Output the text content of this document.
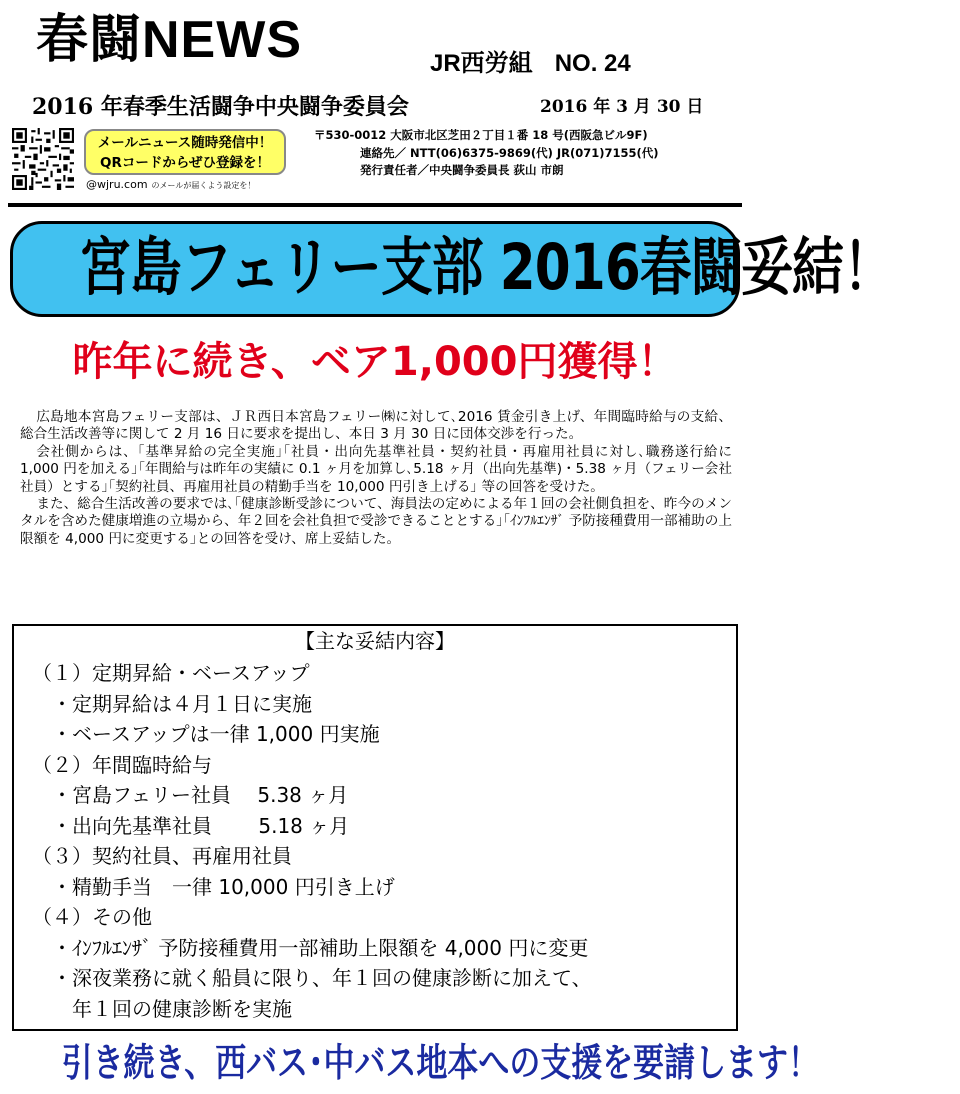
春闘NEWS	JR西労組 NO. 24
2016 年春季生活闘争中央闘争委員会	2016 年 3 月 30 日
メールニュース随時発信中！
QRコードからぜひ登録を！
@wjru.com のメールが届くよう設定を！
〒530-0012 大阪市北区芝田２丁目１番 18 号(西阪急ビル9F)
連絡先／ NTT(06)6375-9869(代) JR(071)7155(代)
発行責任者／中央闘争委員長 荻山 市朗
宮島フェリー支部 2016春闘妥結！
昨年に続き、ベア1,000円獲得！

広島地本宮島フェリー支部は、ＪＲ西日本宮島フェリー㈱に対して､2016 賃金引き上げ、年間臨時給与の支給、総合生活改善等に関して 2 月 16 日に要求を提出し、本日 3 月 30 日に団体交渉を行った。

会社側からは、｢基準昇給の完全実施｣｢社員・出向先基準社員・契約社員・再雇用社員に対し､職務遂行給に 1,000 円を加える｣｢年間給与は昨年の実績に 0.1 ヶ月を加算し､5.18 ヶ月（出向先基準)・5.38 ヶ月（フェリー会社社員）とする｣｢契約社員、再雇用社員の精勤手当を 10,000 円引き上げる｣ 等の回答を受けた。

また、総合生活改善の要求では､｢健康診断受診について、海員法の定めによる年１回の会社側負担を、昨今のメンタルを含めた健康増進の立場から、年２回を会社負担で受診できることとする｣｢ｲﾝﾌﾙｴﾝｻﾞ 予防接種費用一部補助の上限額を 4,000 円に変更する｣との回答を受け、席上妥結した。

【主な妥結内容】
（１）定期昇給・ベースアップ
・定期昇給は４月１日に実施
・ベースアップは一律 1,000 円実施
（２）年間臨時給与
・宮島フェリー社員　 5.38 ヶ月
・出向先基準社員　　 5.18 ヶ月
（３）契約社員、再雇用社員
・精勤手当　一律 10,000 円引き上げ
（４）その他
・ｲﾝﾌﾙｴﾝｻﾞ 予防接種費用一部補助上限額を 4,000 円に変更
・深夜業務に就く船員に限り、年１回の健康診断に加えて、
年１回の健康診断を実施
引き続き、西バス･中バス地本への支援を要請します！
